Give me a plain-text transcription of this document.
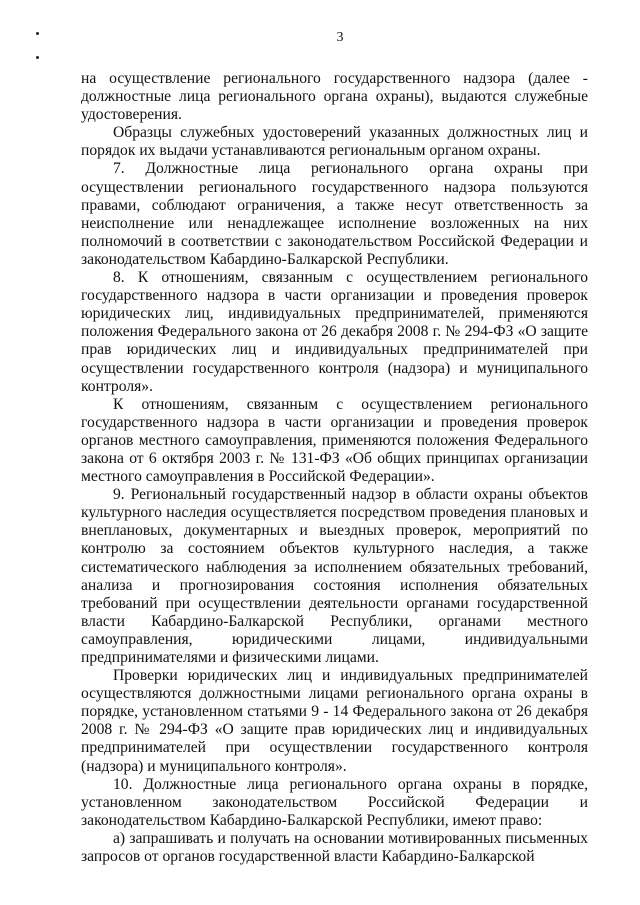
3

на осуществление регионального государственного надзора (далее - должностные лица регионального органа охраны), выдаются служебные удостоверения.

Образцы служебных удостоверений указанных должностных лиц и порядок их выдачи устанавливаются региональным органом охраны.

7. Должностные лица регионального органа охраны при осуществлении регионального государственного надзора пользуются правами, соблюдают ограничения, а также несут ответственность за неисполнение или ненадлежащее исполнение возложенных на них полномочий в соответствии с законодательством Российской Федерации и законодательством Кабардино-Балкарской Республики.

8. К отношениям, связанным с осуществлением регионального государственного надзора в части организации и проведения проверок юридических лиц, индивидуальных предпринимателей, применяются положения Федерального закона от 26 декабря 2008 г. № 294-ФЗ «О защите прав юридических лиц и индивидуальных предпринимателей при осуществлении государственного контроля (надзора) и муниципального контроля».

К отношениям, связанным с осуществлением регионального государственного надзора в части организации и проведения проверок органов местного самоуправления, применяются положения Федерального закона от 6 октября 2003 г. № 131-ФЗ «Об общих принципах организации местного самоуправления в Российской Федерации».

9. Региональный государственный надзор в области охраны объектов культурного наследия осуществляется посредством проведения плановых и внеплановых, документарных и выездных проверок, мероприятий по контролю за состоянием объектов культурного наследия, а также систематического наблюдения за исполнением обязательных требований, анализа и прогнозирования состояния исполнения обязательных требований при осуществлении деятельности органами государственной власти Кабардино-Балкарской Республики, органами местного самоуправления, юридическими лицами, индивидуальными предпринимателями и физическими лицами.

Проверки юридических лиц и индивидуальных предпринимателей осуществляются должностными лицами регионального органа охраны в порядке, установленном статьями 9 - 14 Федерального закона от 26 декабря 2008 г. № 294-ФЗ «О защите прав юридических лиц и индивидуальных предпринимателей при осуществлении государственного контроля (надзора) и муниципального контроля».

10. Должностные лица регионального органа охраны в порядке, установленном законодательством Российской Федерации и законодательством Кабардино-Балкарской Республики, имеют право:

а) запрашивать и получать на основании мотивированных письменных запросов от органов государственной власти Кабардино-Балкарской
